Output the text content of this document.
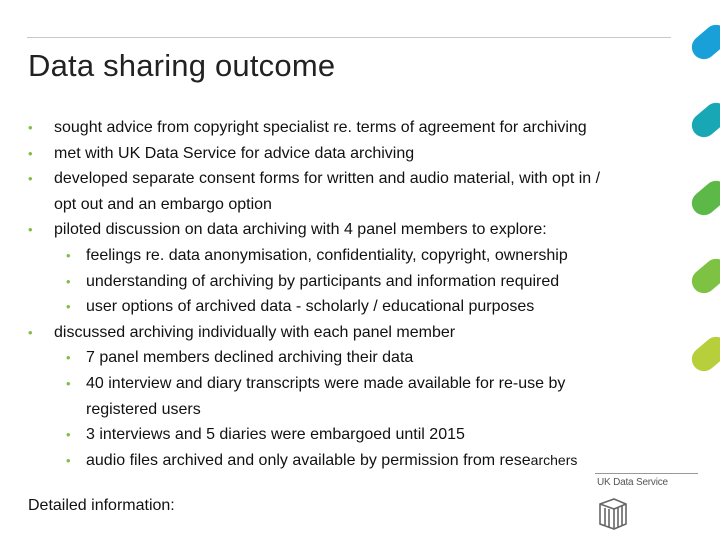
Data sharing outcome
• sought advice from copyright specialist re. terms of agreement for archiving
• met with UK Data Service for advice data archiving
• developed separate consent forms for written and audio material, with opt in /
opt out and an embargo option
• piloted discussion on data archiving with 4 panel members to explore:
• feelings re. data anonymisation, confidentiality, copyright, ownership
• understanding of archiving by participants and information required
• user options of archived data - scholarly / educational purposes
• discussed archiving individually with each panel member
• 7 panel members declined archiving their data
• 40 interview and diary transcripts were made available for re-use by
registered users
• 3 interviews and 5 diaries were embargoed until 2015
• audio files archived and only available by permission from researchers
Detailed information:
UK Data Service
